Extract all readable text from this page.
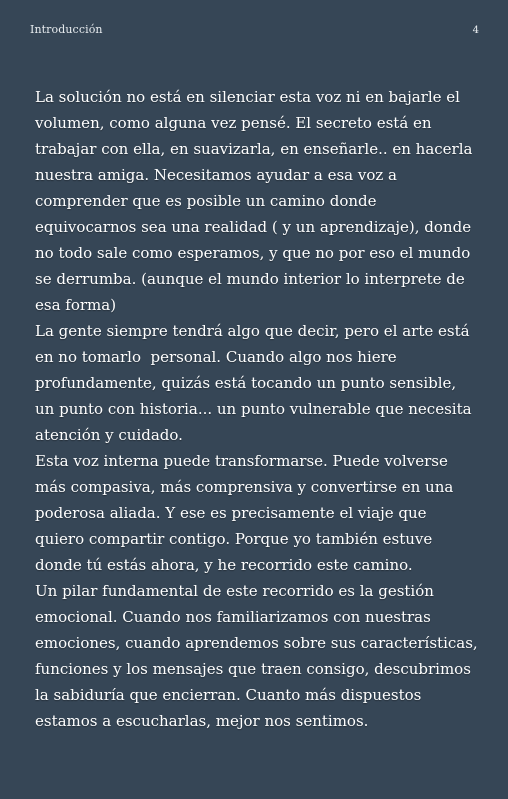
Introducción	4

La solución no está en silenciar esta voz ni en bajarle el volumen, como alguna vez pensé. El secreto está en trabajar con ella, en suavizarla, en enseñarle.. en hacerla nuestra amiga. Necesitamos ayudar a esa voz a comprender que es posible un camino donde equivocarnos sea una realidad ( y un aprendizaje), donde no todo sale como esperamos, y que no por eso el mundo se derrumba. (aunque el mundo interior lo interprete de esa forma)

La gente siempre tendrá algo que decir, pero el arte está en no tomarlo  personal. Cuando algo nos hiere profundamente, quizás está tocando un punto sensible, un punto con historia... un punto vulnerable que necesita atención y cuidado.

Esta voz interna puede transformarse. Puede volverse más compasiva, más comprensiva y convertirse en una poderosa aliada. Y ese es precisamente el viaje que quiero compartir contigo. Porque yo también estuve donde tú estás ahora, y he recorrido este camino.

Un pilar fundamental de este recorrido es la gestión emocional. Cuando nos familiarizamos con nuestras emociones, cuando aprendemos sobre sus características, funciones y los mensajes que traen consigo, descubrimos la sabiduría que encierran. Cuanto más dispuestos estamos a escucharlas, mejor nos sentimos.
